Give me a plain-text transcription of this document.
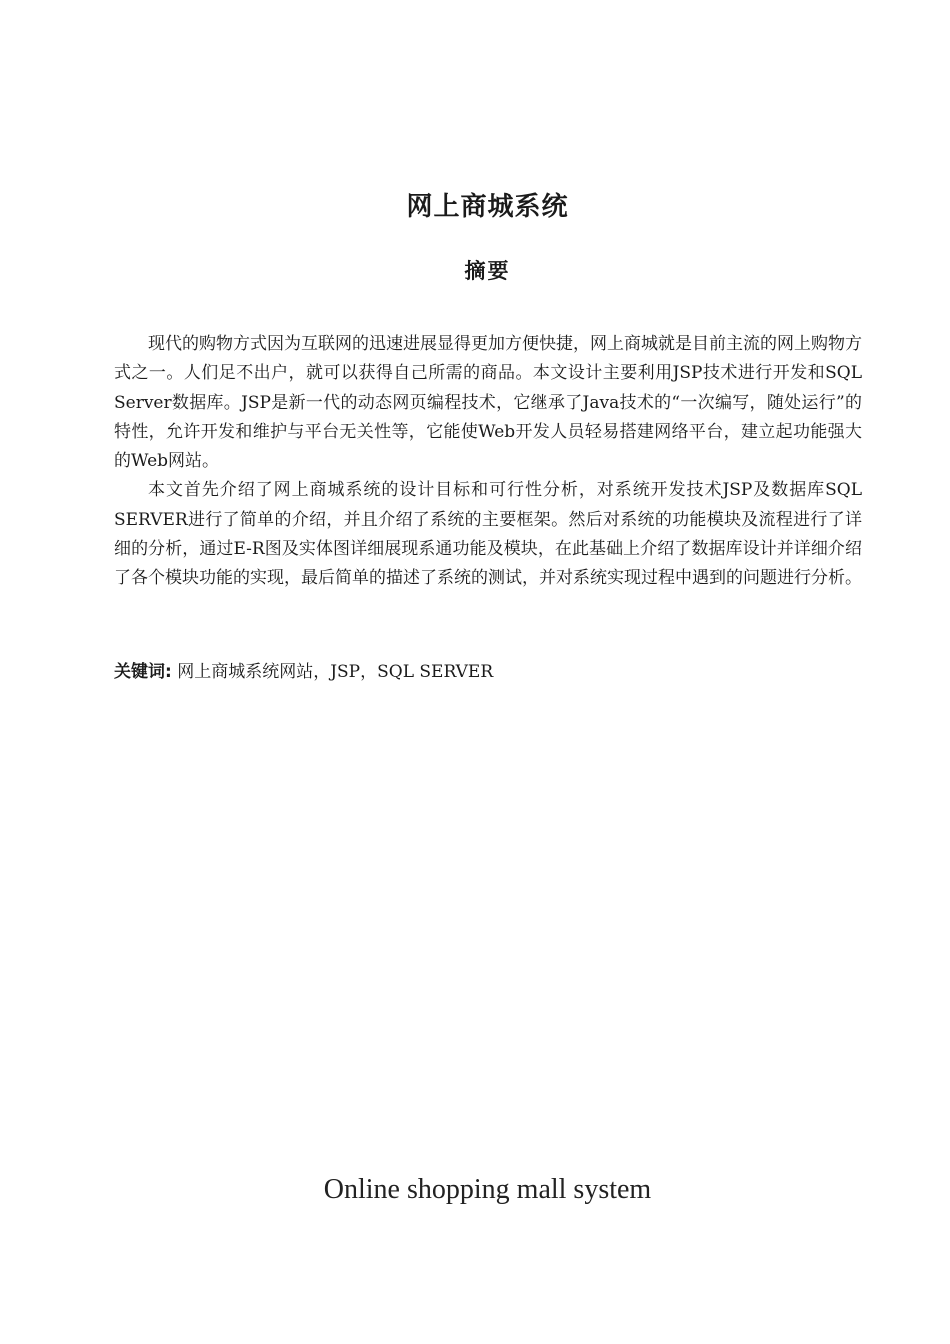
网上商城系统
摘要

现代的购物方式因为互联网的迅速进展显得更加方便快捷，网上商城就是目前主流的网上购物方式之一。人们足不出户，就可以获得自己所需的商品。本文设计主要利用JSP技术进行开发和SQL Server数据库。JSP是新一代的动态网页编程技术，它继承了Java技术的“一次编写，随处运行”的特性，允许开发和维护与平台无关性等，它能使Web开发人员轻易搭建网络平台，建立起功能强大的Web网站。

本文首先介绍了网上商城系统的设计目标和可行性分析，对系统开发技术JSP及数据库SQL SERVER进行了简单的介绍，并且介绍了系统的主要框架。然后对系统的功能模块及流程进行了详细的分析，通过E-R图及实体图详细展现系通功能及模块，在此基础上介绍了数据库设计并详细介绍了各个模块功能的实现，最后简单的描述了系统的测试，并对系统实现过程中遇到的问题进行分析。

关键词: 网上商城系统网站，JSP，SQL SERVER
Online shopping mall system
